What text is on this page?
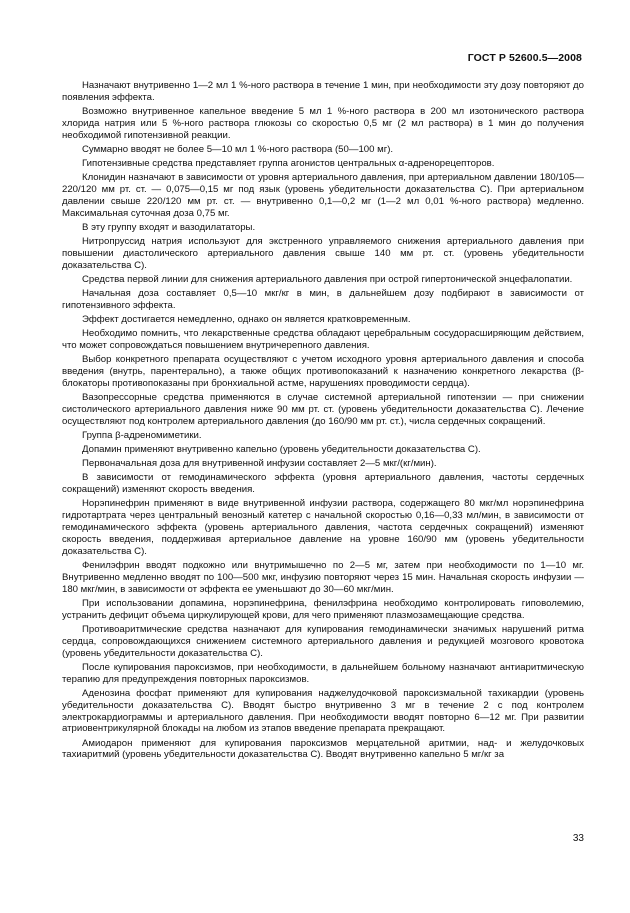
ГОСТ Р 52600.5—2008

Назначают внутривенно 1—2 мл 1 %-ного раствора в течение 1 мин, при необходимости эту дозу повторяют до появления эффекта.

Возможно внутривенное капельное введение 5 мл 1 %-ного раствора в 200 мл изотонического раствора хлорида натрия или 5 %-ного раствора глюкозы со скоростью 0,5 мг (2 мл раствора) в 1 мин до получения необходимой гипотензивной реакции.

Суммарно вводят не более 5—10 мл 1 %-ного раствора (50—100 мг).

Гипотензивные средства представляет группа агонистов центральных α-адренорецепторов.

Клонидин назначают в зависимости от уровня артериального давления, при артериальном давлении 180/105—220/120 мм рт. ст. — 0,075—0,15 мг под язык (уровень убедительности доказательства С). При артериальном давлении свыше 220/120 мм рт. ст. — внутривенно 0,1—0,2 мг (1—2 мл 0,01 %-ного раствора) медленно. Максимальная суточная доза 0,75 мг.

В эту группу входят и вазодилататоры.

Нитропруссид натрия используют для экстренного управляемого снижения артериального давления при повышении диастолического артериального давления свыше 140 мм рт. ст. (уровень убедительности доказательства С).

Средства первой линии для снижения артериального давления при острой гипертонической энцефалопатии.

Начальная доза составляет 0,5—10 мкг/кг в мин, в дальнейшем дозу подбирают в зависимости от гипотензивного эффекта.

Эффект достигается немедленно, однако он является кратковременным.

Необходимо помнить, что лекарственные средства обладают церебральным сосудорасширяющим действием, что может сопровождаться повышением внутричерепного давления.

Выбор конкретного препарата осуществляют с учетом исходного уровня артериального давления и способа введения (внутрь, парентерально), а также общих противопоказаний к назначению конкретного лекарства (β-блокаторы противопоказаны при бронхиальной астме, нарушениях проводимости сердца).

Вазопрессорные средства применяются в случае системной артериальной гипотензии — при снижении систолического артериального давления ниже 90 мм рт. ст. (уровень убедительности доказательства С). Лечение осуществляют под контролем артериального давления (до 160/90 мм рт. ст.), числа сердечных сокращений.

Группа β-адреномиметики.

Допамин применяют внутривенно капельно (уровень убедительности доказательства С).

Первоначальная доза для внутривенной инфузии составляет 2—5 мкг/(кг/мин).

В зависимости от гемодинамического эффекта (уровня артериального давления, частоты сердечных сокращений) изменяют скорость введения.

Норэпинефрин применяют в виде внутривенной инфузии раствора, содержащего 80 мкг/мл норэпинефрина гидротартрата через центральный венозный катетер с начальной скоростью 0,16—0,33 мл/мин, в зависимости от гемодинамического эффекта (уровень артериального давления, частота сердечных сокращений) изменяют скорость введения, поддерживая артериальное давление на уровне 160/90 мм (уровень убедительности доказательства С).

Фенилэфрин вводят подкожно или внутримышечно по 2—5 мг, затем при необходимости по 1—10 мг. Внутривенно медленно вводят по 100—500 мкг, инфузию повторяют через 15 мин. Начальная скорость инфузии — 180 мкг/мин, в зависимости от эффекта ее уменьшают до 30—60 мкг/мин.

При использовании допамина, норэпинефрина, фенилэфрина необходимо контролировать гиповолемию, устранить дефицит объема циркулирующей крови, для чего применяют плазмозамещающие средства.

Противоаритмические средства назначают для купирования гемодинамически значимых нарушений ритма сердца, сопровождающихся снижением системного артериального давления и редукцией мозгового кровотока (уровень убедительности доказательства С).

После купирования пароксизмов, при необходимости, в дальнейшем больному назначают антиаритмическую терапию для предупреждения повторных пароксизмов.

Аденозина фосфат применяют для купирования наджелудочковой пароксизмальной тахикардии (уровень убедительности доказательства С). Вводят быстро внутривенно 3 мг в течение 2 с под контролем электрокардиограммы и артериального давления. При необходимости вводят повторно 6—12 мг. При развитии атриовентрикулярной блокады на любом из этапов введение препарата прекращают.

Амиодарон применяют для купирования пароксизмов мерцательной аритмии, над- и желудочковых тахиаритмий (уровень убедительности доказательства С). Вводят внутривенно капельно 5 мг/кг за

33
